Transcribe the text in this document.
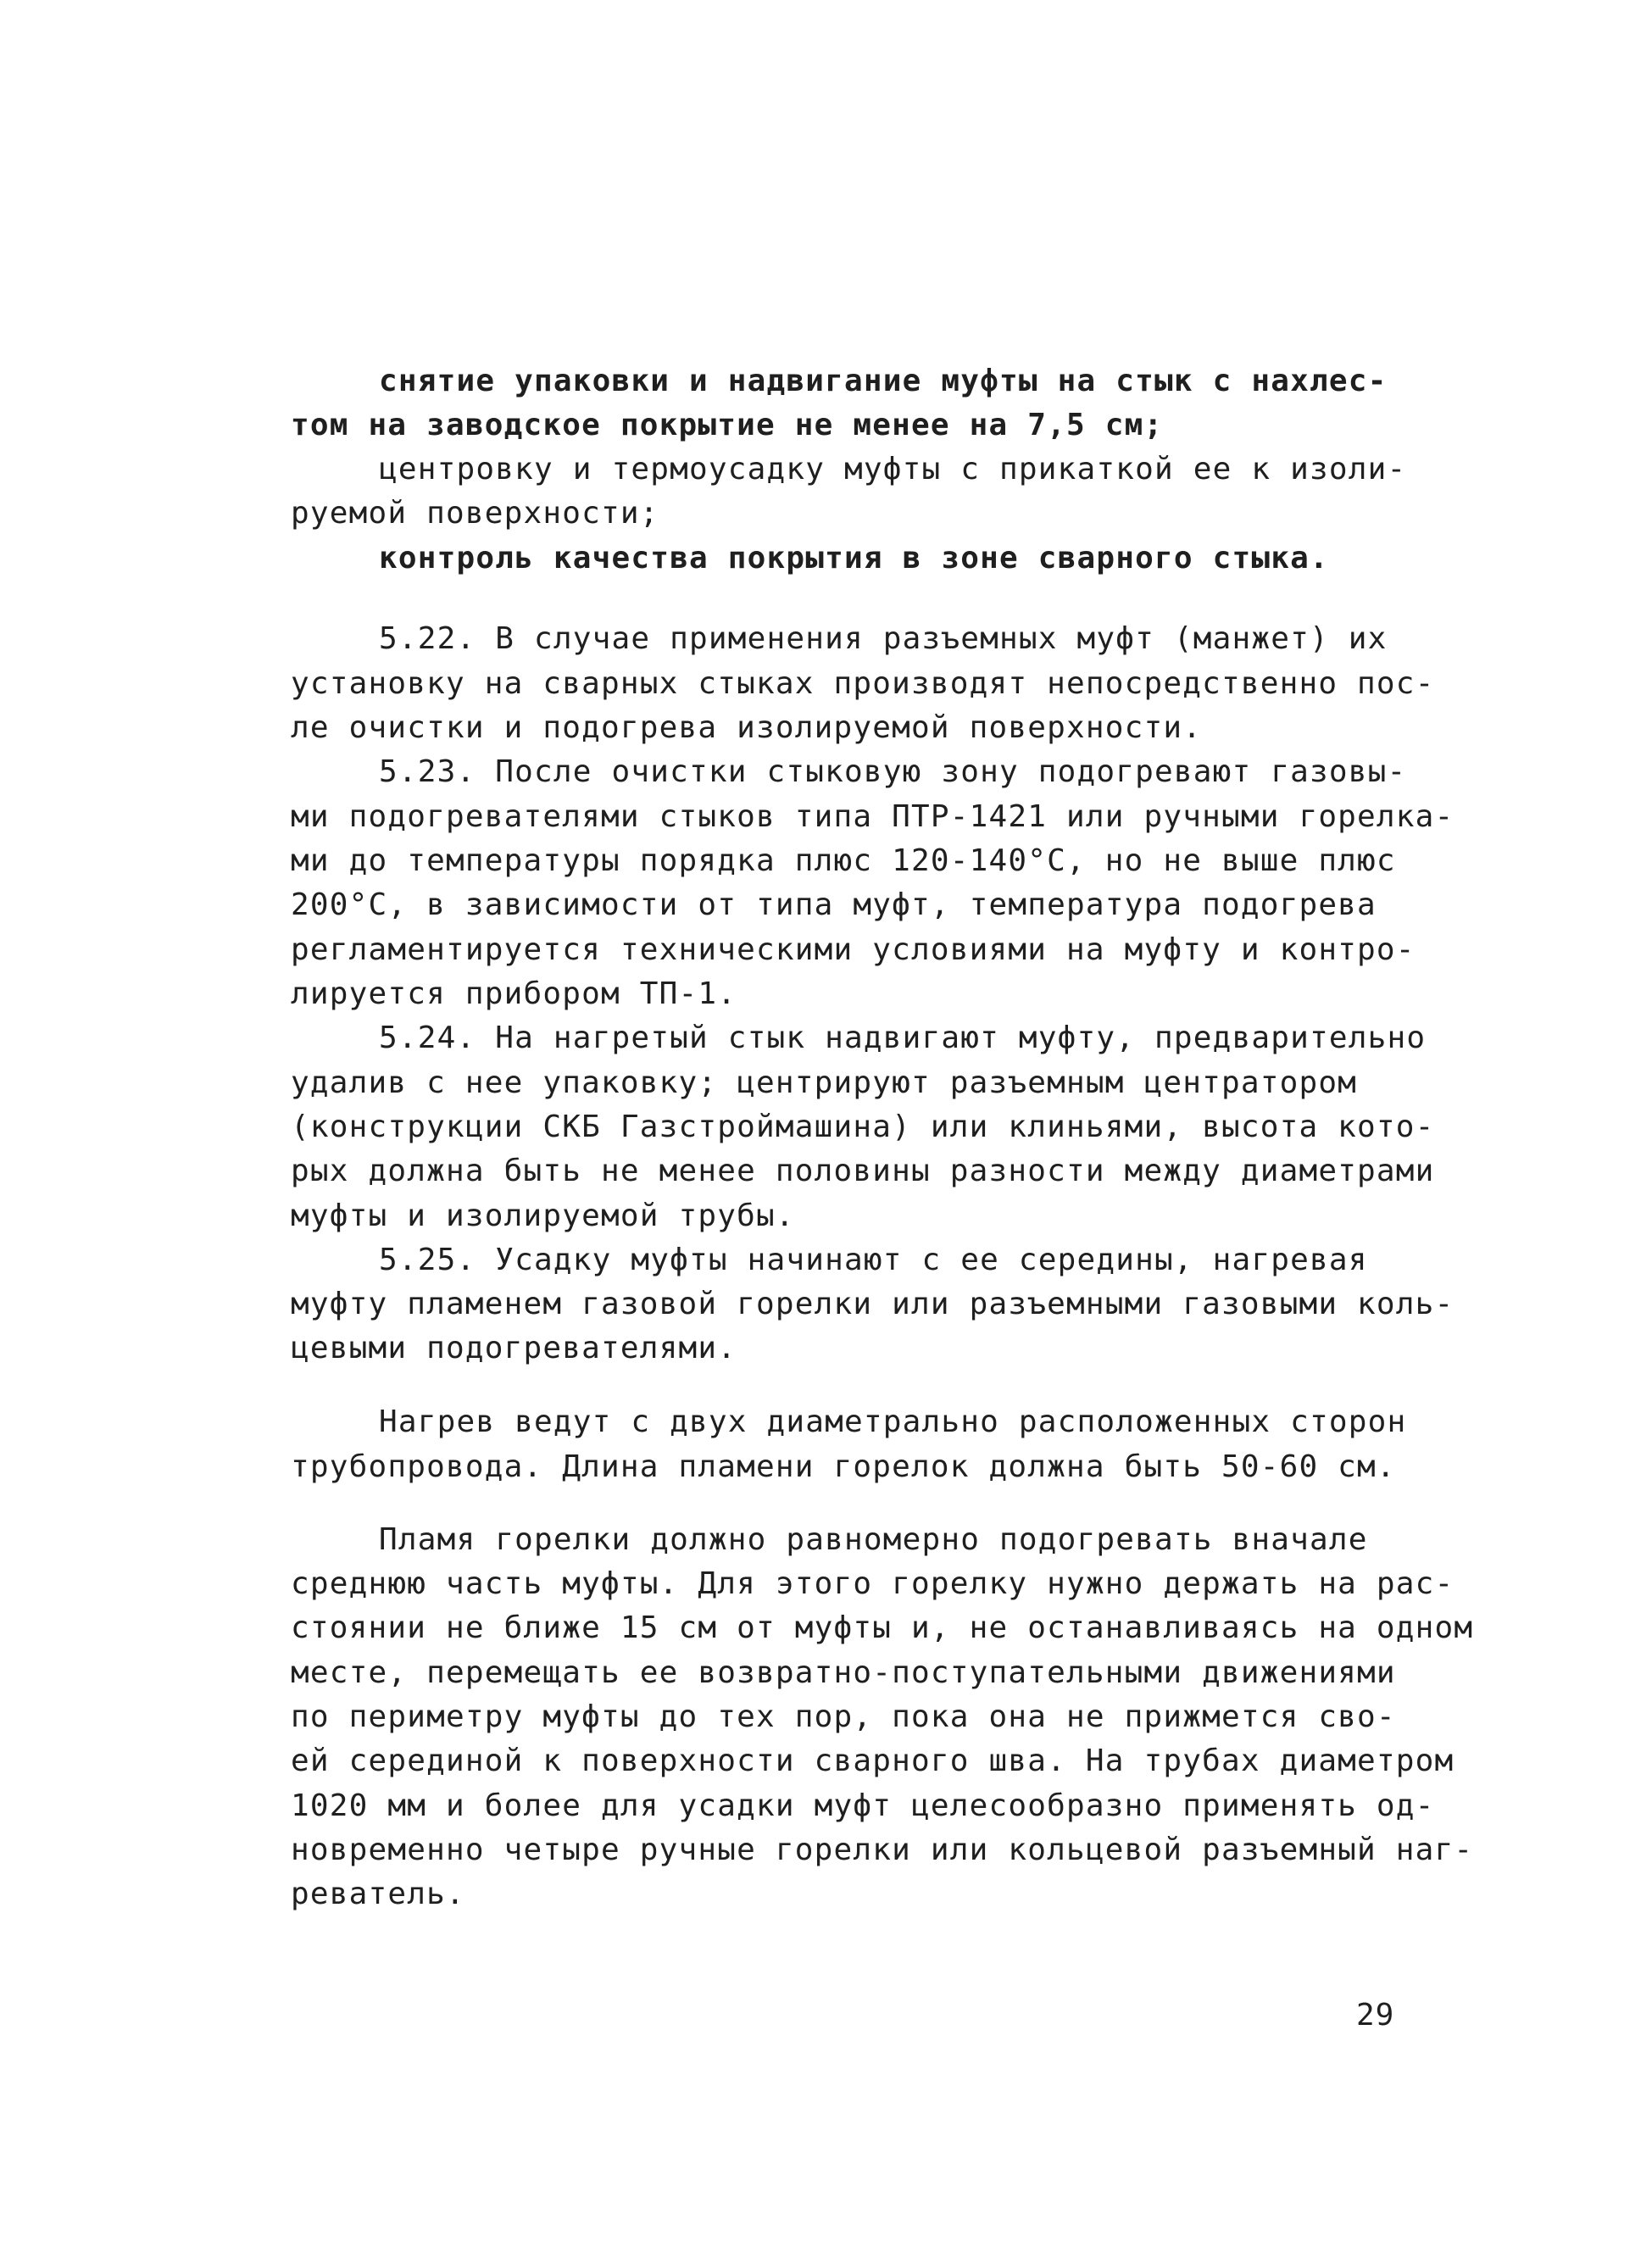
снятие упаковки и надвигание муфты на стык с нахлес-
том на заводское покрытие не менее на 7,5 см;
центровку и термоусадку муфты с прикаткой ее к изоли-
руемой поверхности;
контроль качества покрытия в зоне сварного стыка.
5.22. В случае применения разъемных муфт (манжет) их
установку на сварных стыках производят непосредственно пос-
ле очистки и подогрева изолируемой поверхности.
5.23. После очистки стыковую зону подогревают газовы-
ми подогревателями стыков типа ПТР-1421 или ручными горелка-
ми до температуры порядка плюс 120-140°С, но не выше плюс
200°С, в зависимости от типа муфт, температура подогрева
регламентируется техническими условиями на муфту и контро-
лируется прибором ТП-1.
5.24. На нагретый стык надвигают муфту, предварительно
удалив с нее упаковку; центрируют разъемным центратором
(конструкции СКБ Газстроймашина) или клиньями, высота кото-
рых должна быть не менее половины разности между диаметрами
муфты и изолируемой трубы.
5.25. Усадку муфты начинают с ее середины, нагревая
муфту пламенем газовой горелки или разъемными газовыми коль-
цевыми подогревателями.
Нагрев ведут с двух диаметрально расположенных сторон
трубопровода. Длина пламени горелок должна быть 50-60 см.
Пламя горелки должно равномерно подогревать вначале
среднюю часть муфты. Для этого горелку нужно держать на рас-
стоянии не ближе 15 см от муфты и, не останавливаясь на одном
месте, перемещать ее возвратно-поступательными движениями
по периметру муфты до тех пор, пока она не прижмется сво-
ей серединой к поверхности сварного шва. На трубах диаметром
1020 мм и более для усадки муфт целесообразно применять од-
новременно четыре ручные горелки или кольцевой разъемный наг-
реватель.
29
